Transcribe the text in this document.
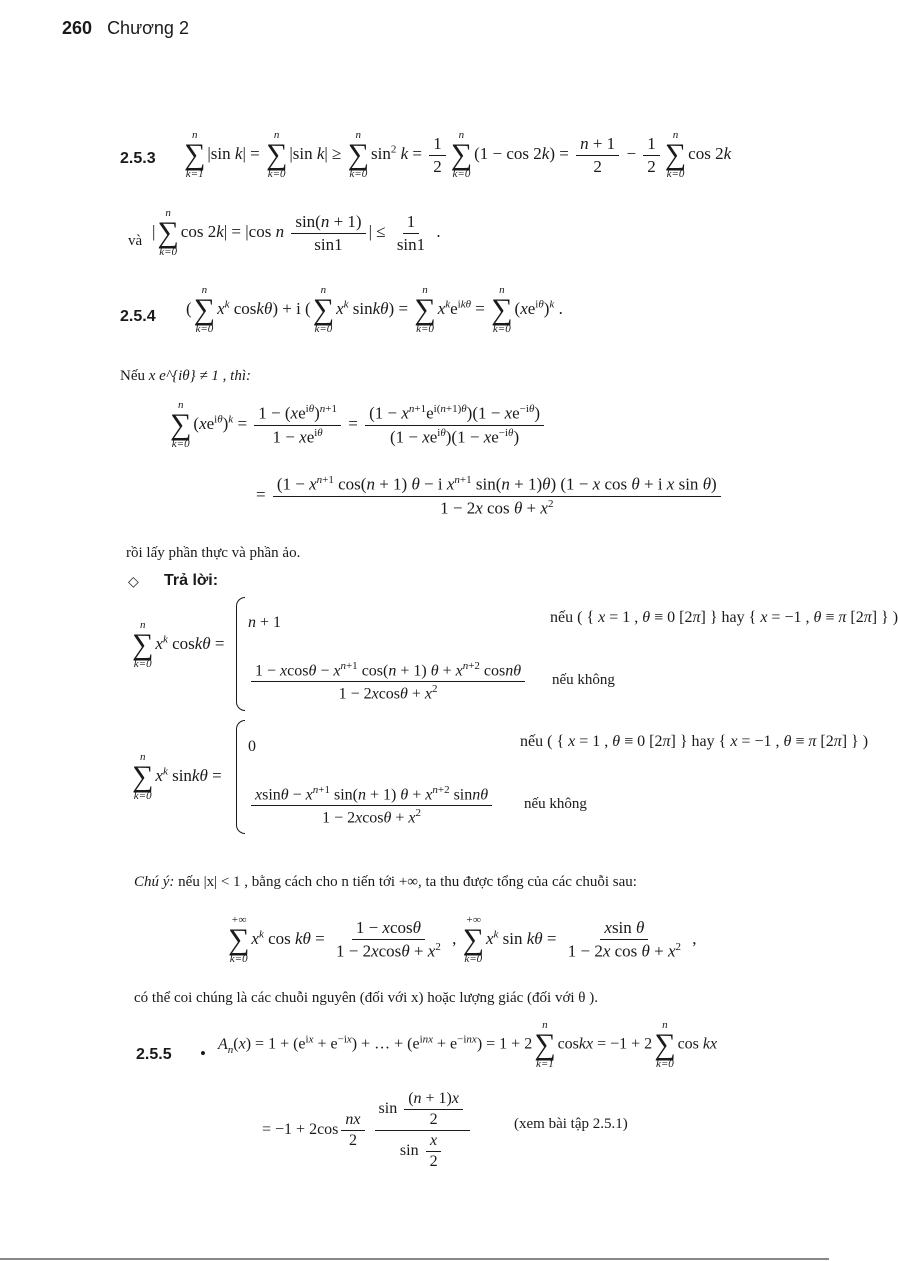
260 Chương 2
2.5.3
n
∑
k=1
|sin k| =
n
∑
k=0
|sin k| ≥
n
∑
k=0
$\sin^2 k = \frac{1}{2}$ n
∑
k=0
$(1 - \cos 2k) = \frac{n + 1}{2} - \frac{1}{2}$ n
∑
k=0
cos 2k
và
|
n
∑
k=0
cos 2k| = |cos n $\frac{\sin(n + 1)}{\sin 1}$ | ≤ $\frac{1}{\sin 1}$ .
2.5.4 (
n
∑
k=0
$x^k$ coskθ) + i (
n
∑
k=0
$x^k$ sinkθ) =
n
∑
k=0
$x^ke^{ik\theta}$ =
n
∑
k=0
$(xe^{i\theta})^k$ .
Nếu x e^{iθ} ≠ 1 , thì:
n
∑
k=0
$(xe^{i\theta})^k = \frac{1 - (xe^{i\theta})^{n+1}}{1 - xe^{i\theta}} = \frac{(1 - x^{n+1}e^{i(n+1)\theta})(1 - xe^{-i\theta})}{(1 - xe^{i\theta})(1 - xe^{-i\theta})}$
=
($1 - x^{n+1}$ cos(n + 1) θ − i $x^{n+1}$ sin(n + 1)θ) (1 − x cos θ + i x sin θ)
1 − 2x $\cos \theta + x^2$
rồi lấy phần thực và phần ảo.
◇ Trả lời:
n
∑
k=0
$x^k$ coskθ =
n + 1	nếu ( { x = 1 , θ ≡ 0 [2π] } hay { x = −1 , θ ≡ π [2π] } )
$\frac{1 - xcos\theta - x^{n+1} \cos(n + 1) \theta + x^{n+2} \cos n\theta}{1 - 2xcos\theta + x^2}$ nếu không
n
∑
k=0
$x^k$ sinkθ =
0	nếu ( { x = 1 , θ ≡ 0 [2π] } hay { x = −1 , θ ≡ π [2π] } )
$\frac{xsin\theta - x^{n+1} \sin(n + 1) \theta + x^{n+2} \sin n\theta}{1 - 2xcos\theta + x^2}$ nếu không
Chú ý: nếu |x| < 1 , bằng cách cho n tiến tới +∞, ta thu được tổng của các chuỗi sau:
+∞
∑
k=0
$x^k$ $\cos k\theta = \frac{1 - xcos\theta}{1 - 2xcos\theta + x^2}$ ,
+∞
∑
k=0
$x^k$ $\sin k\theta = \frac{\text{xsin θ}}{1 - 2x \cos \theta + x^2}$ ,
có thể coi chúng là các chuỗi nguyên (đối với x) hoặc lượng giác (đối với θ ).
2.5.5 • $A_n(x) = 1 + (e^{ix} + e^{-ix})$ + … + $(e^{inx} + e^{-inx}) = 1 + 2$
n
∑
k=1
coskx = −1 + 2
n
∑
k=0
cos kx
= $-1 + 2\cos \frac{nx}{2}$
$\frac{\sin \frac{(n + 1)x}{2}}{\sin \frac{x}{2}}$	(xem bài tập 2.5.1)
